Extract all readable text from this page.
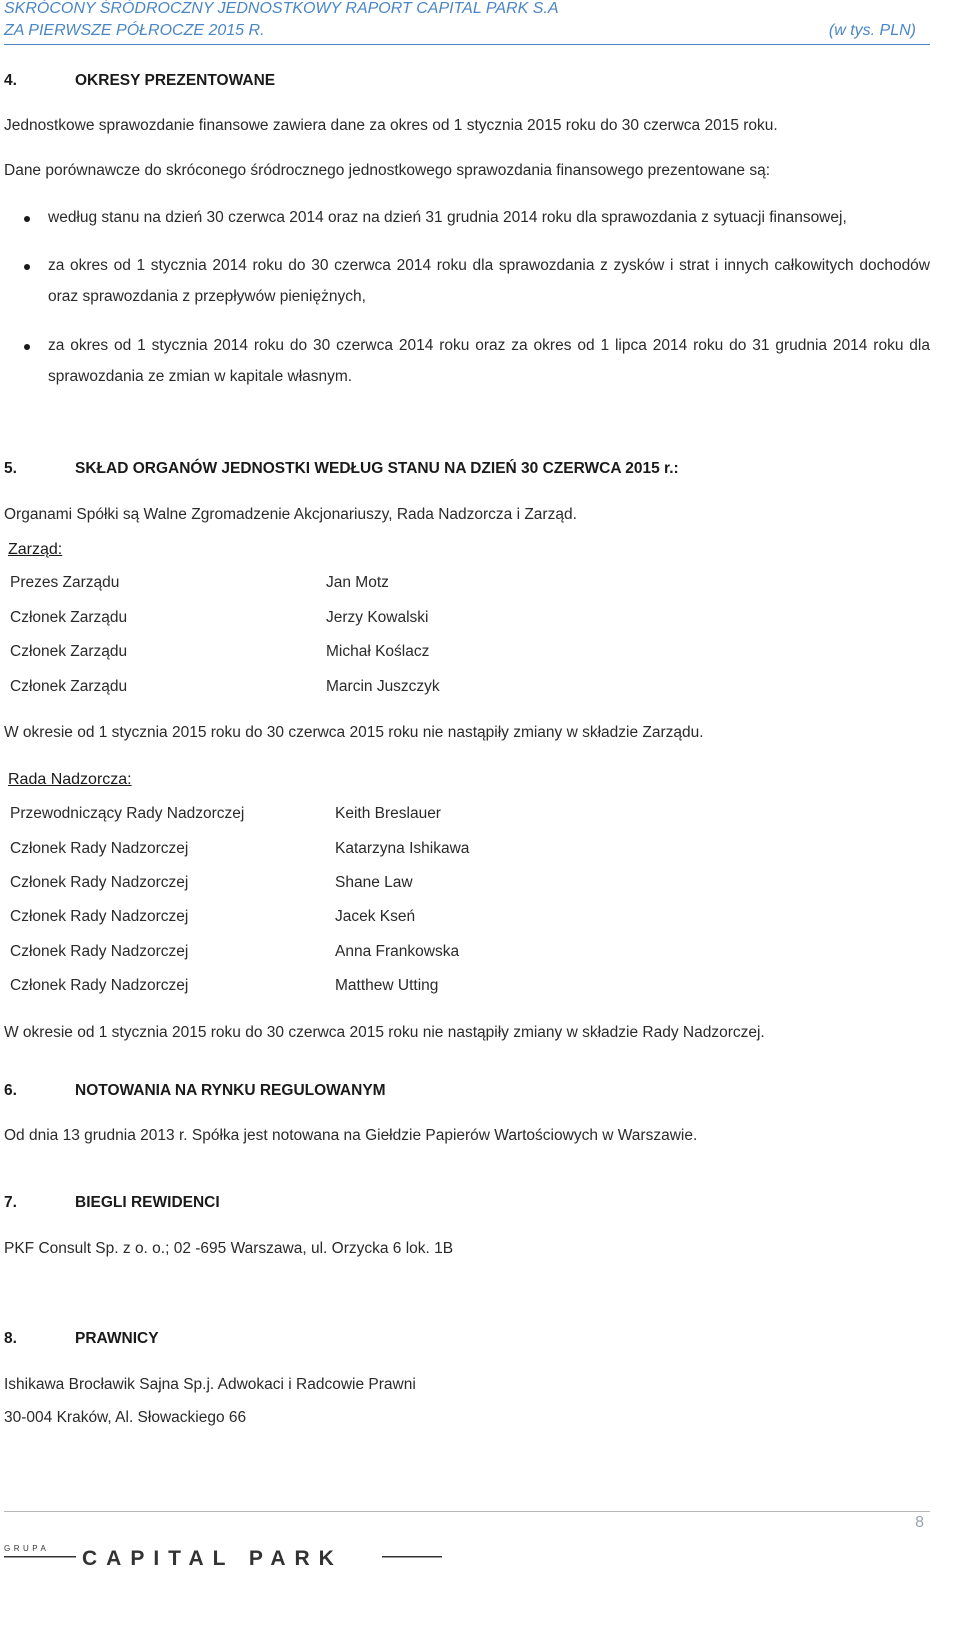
SKRÓCONY ŚRÓDROCZNY JEDNOSTKOWY RAPORT CAPITAL PARK S.A
ZA PIERWSZE PÓŁROCZE 2015 R.	(w tys. PLN)
4.	OKRESY PREZENTOWANE
Jednostkowe sprawozdanie finansowe zawiera dane za okres od 1 stycznia 2015 roku do 30 czerwca 2015 roku.
Dane porównawcze do skróconego śródrocznego jednostkowego sprawozdania finansowego prezentowane są:
według stanu na dzień 30 czerwca 2014 oraz na dzień 31 grudnia 2014 roku dla sprawozdania z sytuacji finansowej,
za okres od 1 stycznia 2014 roku do 30 czerwca 2014 roku dla sprawozdania z zysków i strat i innych całkowitych dochodów oraz sprawozdania z przepływów pieniężnych,
za okres od 1 stycznia 2014 roku do 30 czerwca 2014 roku oraz za okres od 1 lipca 2014 roku do 31 grudnia 2014 roku dla sprawozdania ze zmian w kapitale własnym.
5.	SKŁAD ORGANÓW JEDNOSTKI WEDŁUG STANU NA DZIEŃ 30 CZERWCA 2015 r.:
Organami Spółki są Walne Zgromadzenie Akcjonariuszy, Rada Nadzorcza i Zarząd.
Zarząd:
Prezes Zarządu	Jan Motz
Członek Zarządu	Jerzy Kowalski
Członek Zarządu	Michał Koślacz
Członek Zarządu	Marcin Juszczyk
W okresie od 1 stycznia 2015 roku do 30 czerwca 2015 roku nie nastąpiły zmiany w składzie Zarządu.
Rada Nadzorcza:
Przewodniczący Rady Nadzorczej	Keith Breslauer
Członek Rady Nadzorczej	Katarzyna Ishikawa
Członek Rady Nadzorczej	Shane Law
Członek Rady Nadzorczej	Jacek Kseń
Członek Rady Nadzorczej	Anna Frankowska
Członek Rady Nadzorczej	Matthew Utting
W okresie od 1 stycznia 2015 roku do 30 czerwca 2015 roku nie nastąpiły zmiany w składzie Rady Nadzorczej.
6.	NOTOWANIA NA RYNKU REGULOWANYM
Od dnia 13 grudnia 2013 r. Spółka jest notowana na Giełdzie Papierów Wartościowych w Warszawie.
7.	BIEGLI REWIDENCI
PKF Consult Sp. z o. o.; 02 -695 Warszawa, ul. Orzycka 6 lok. 1B
8.	PRAWNICY
Ishikawa Brocławik Sajna Sp.j. Adwokaci i Radcowie Prawni
30-004 Kraków, Al. Słowackiego 66
8
GRUPA CAPITAL PARK
